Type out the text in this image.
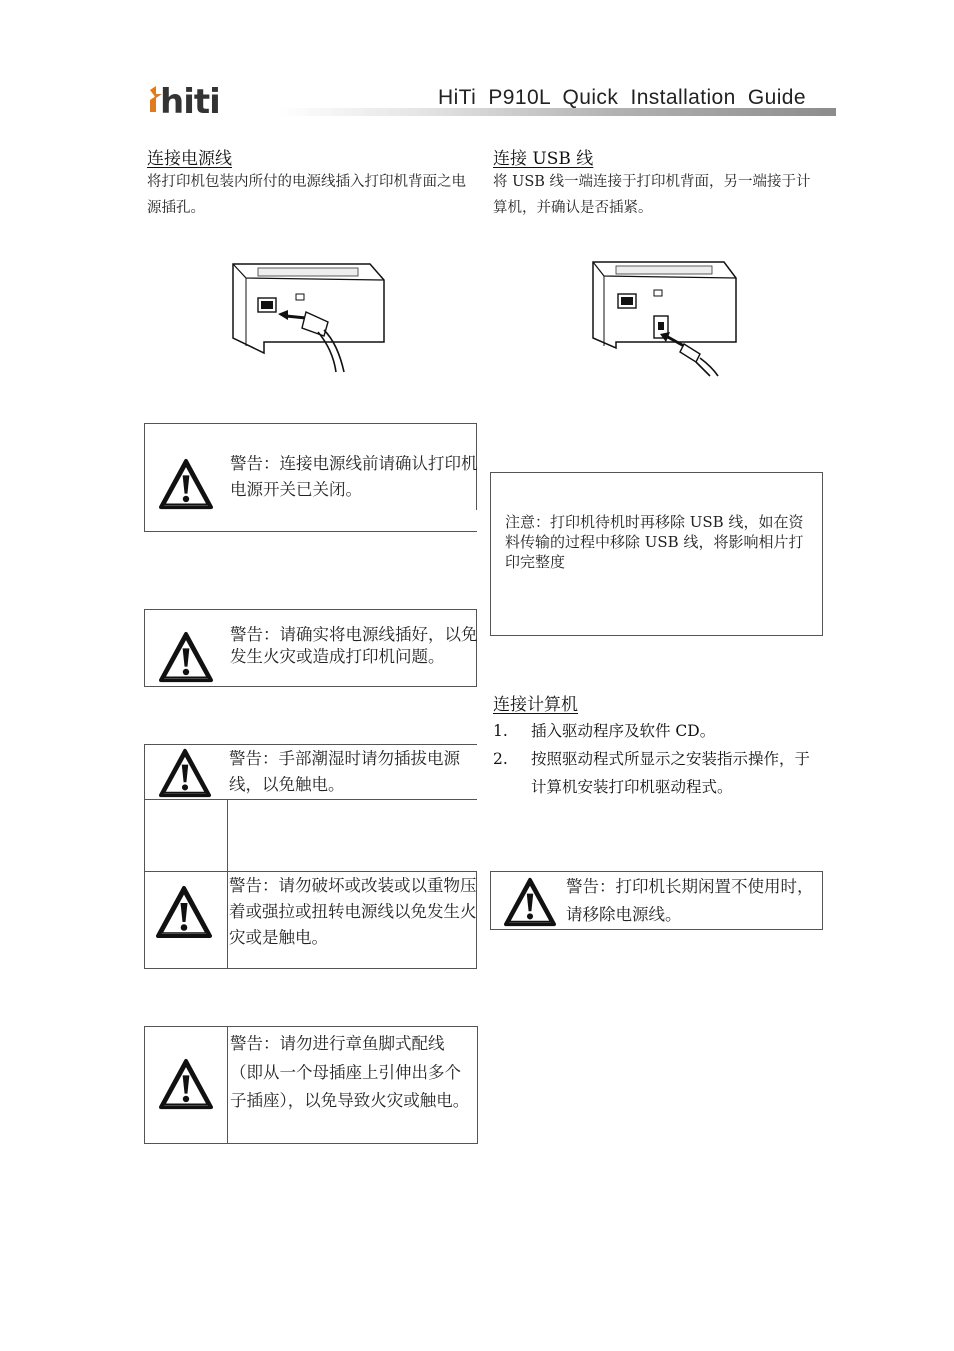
hiti	HiTi P910L Quick Installation Guide
连接电源线
将打印机包装内所付的电源线插入打印机背面之电源插孔。
警告：连接电源线前请确认打印机电源开关已关闭。
警告：请确实将电源线插好，以免发生火灾或造成打印机问题。
警告：手部潮湿时请勿插拔电源线，以免触电。
警告：请勿破坏或改装或以重物压着或强拉或扭转电源线以免发生火灾或是触电。
警告：请勿进行章鱼脚式配线（即从一个母插座上引伸出多个子插座），以免导致火灾或触电。
连接 USB 线
将 USB 线一端连接于打印机背面，另一端接于计算机，并确认是否插紧。
注意：打印机待机时再移除 USB 线，如在资料传输的过程中移除 USB 线，将影响相片打印完整度
连接计算机
1. 插入驱动程序及软件 CD。
2. 按照驱动程式所显示之安装指示操作，于计算机安装打印机驱动程式。
警告：打印机长期闲置不使用时，请移除电源线。
